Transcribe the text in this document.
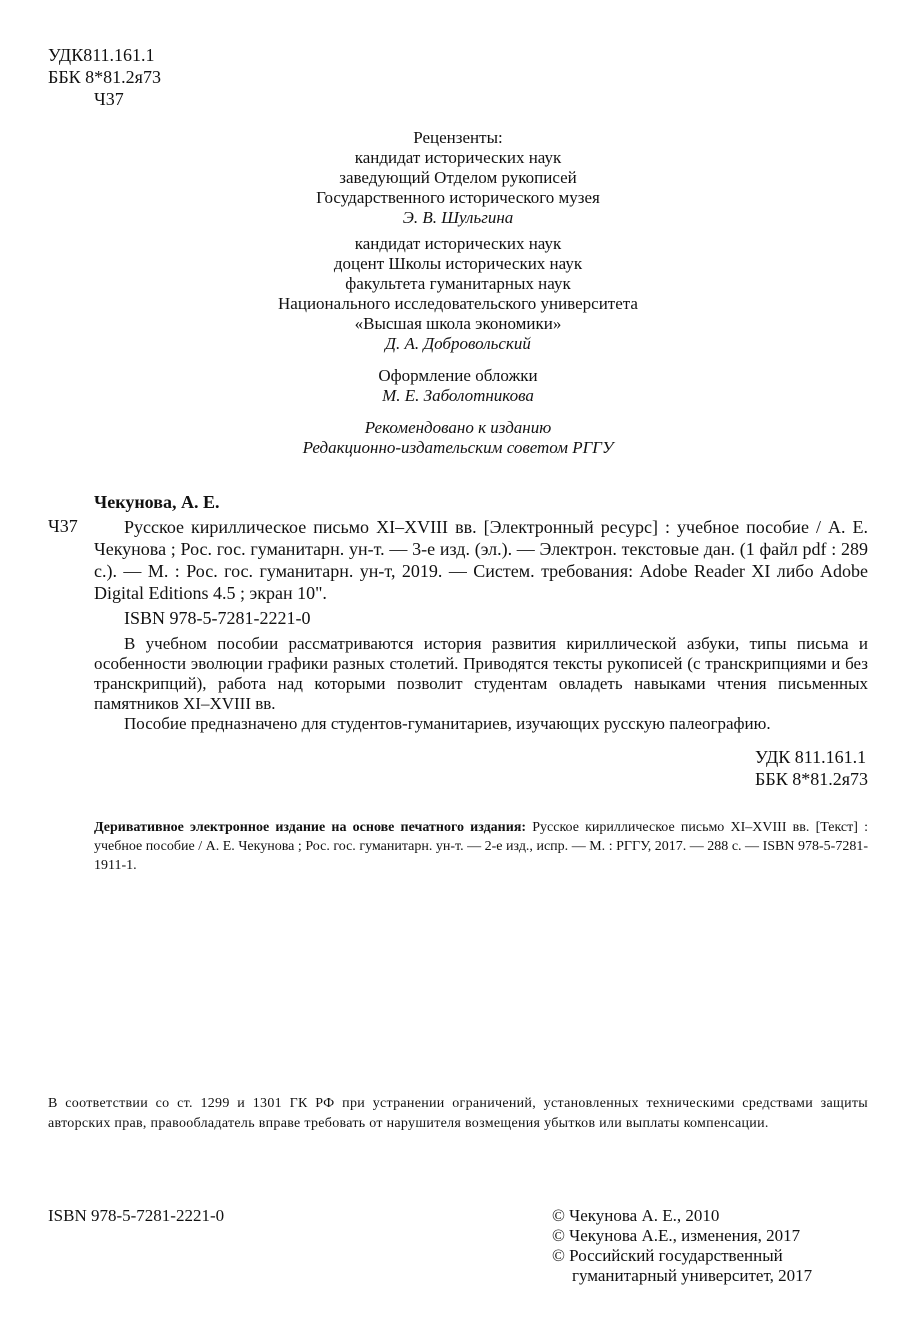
УДК811.161.1
ББК 8*81.2я73
Ч37
Рецензенты:
кандидат исторических наук
заведующий Отделом рукописей
Государственного исторического музея
Э. В. Шульгина
кандидат исторических наук
доцент Школы исторических наук
факультета гуманитарных наук
Национального исследовательского университета
«Высшая школа экономики»
Д. А. Добровольский
Оформление обложки
М. Е. Заболотникова
Рекомендовано к изданию
Редакционно-издательским советом РГГУ
Чекунова, А. Е.
Ч37	Русское кириллическое письмо XI–XVIII вв. [Электронный ресурс] : учебное пособие / А. Е. Чекунова ; Рос. гос. гуманитарн. ун-т. — 3-е изд. (эл.). — Электрон. текстовые дан. (1 файл pdf : 289 с.). — М. : Рос. гос. гуманитарн. ун-т, 2019. — Систем. требования: Adobe Reader XI либо Adobe Digital Editions 4.5 ; экран 10".
ISBN 978-5-7281-2221-0

В учебном пособии рассматриваются история развития кириллической азбуки, типы письма и особенности эволюции графики разных столетий. Приводятся тексты рукописей (с транскрипциями и без транскрипций), работа над которыми позволит студентам овладеть навыками чтения письменных памятников XI–XVIII вв.

Пособие предназначено для студентов-гуманитариев, изучающих русскую палеографию.

УДК 811.161.1
ББК 8*81.2я73
Деривативное электронное издание на основе печатного издания: Русское кириллическое письмо XI–XVIII вв. [Текст] : учебное пособие / А. Е. Чекунова ; Рос. гос. гуманитарн. ун-т. — 2-е изд., испр. — М. : РГГУ, 2017. — 288 с. — ISBN 978-5-7281-1911-1.
В соответствии со ст. 1299 и 1301 ГК РФ при устранении ограничений, установленных техническими средствами защиты авторских прав, правообладатель вправе требовать от нарушителя возмещения убытков или выплаты компенсации.
ISBN 978-5-7281-2221-0	© Чекунова А. Е., 2010
© Чекунова А.Е., изменения, 2017
© Российский государственный
гуманитарный университет, 2017
